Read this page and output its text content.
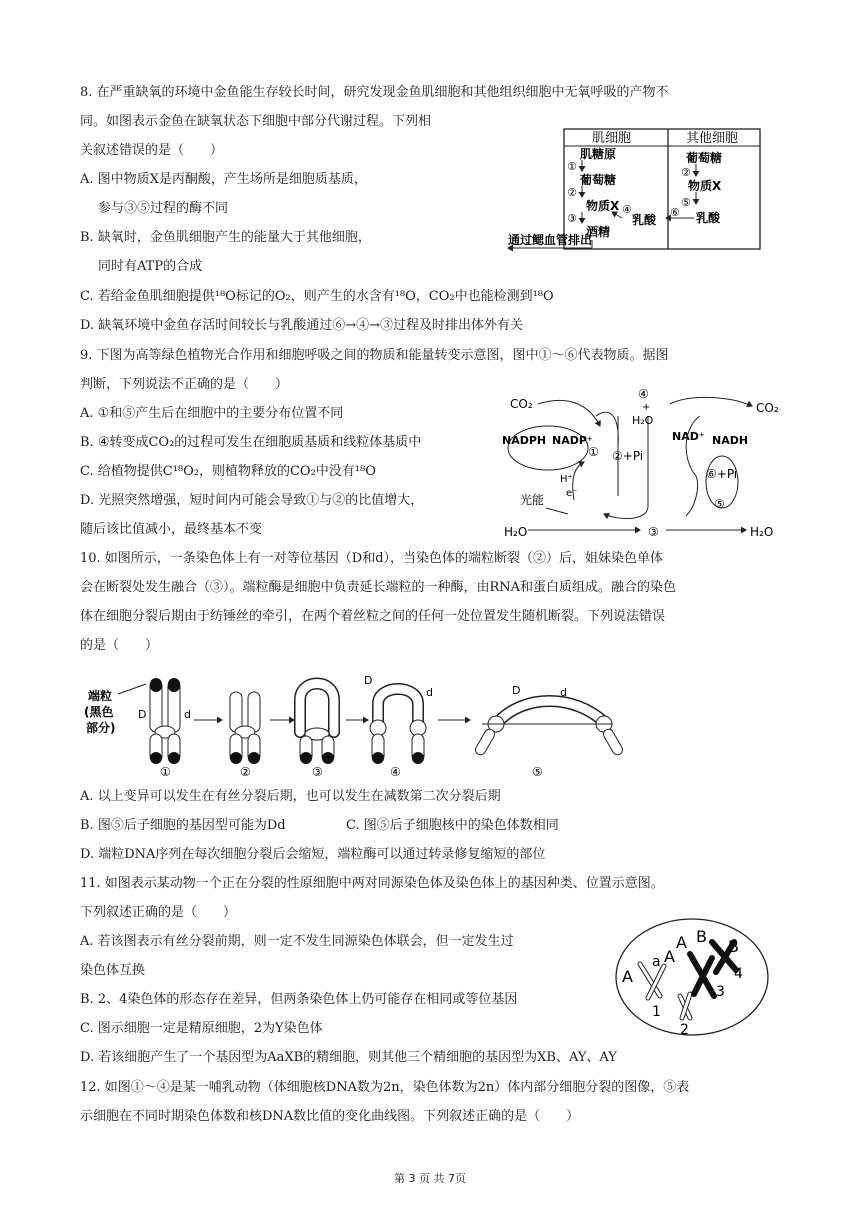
8. 在严重缺氧的环境中金鱼能生存较长时间，研究发现金鱼肌细胞和其他组织细胞中无氧呼吸的产物不
同。如图表示金鱼在缺氧状态下细胞中部分代谢过程。下列相
关叙述错误的是（　　）
A. 图中物质X是丙酮酸，产生场所是细胞质基质，
参与③⑤过程的酶不同
B. 缺氧时，金鱼肌细胞产生的能量大于其他细胞，
同时有ATP的合成
C. 若给金鱼肌细胞提供¹⁸O标记的O₂，则产生的水含有¹⁸O，CO₂中也能检测到¹⁸O
D. 缺氧环境中金鱼存活时间较长与乳酸通过⑥→④→③过程及时排出体外有关
肌细胞	其他细胞
肌糖原
①
葡萄糖
②
物质X
③
酒精
④
乳酸
葡萄糖
②
物质X
⑤
乳酸
⑥
通过鳃血管排出
9. 下图为高等绿色植物光合作用和细胞呼吸之间的物质和能量转变示意图，图中①～⑥代表物质。据图
判断，下列说法不正确的是（　　）
A. ①和⑤产生后在细胞中的主要分布位置不同
B. ④转变成CO₂的过程可发生在细胞质基质和线粒体基质中
C. 给植物提供C¹⁸O₂，则植物释放的CO₂中没有¹⁸O
D. 光照突然增强，短时间内可能会导致①与②的比值增大，
随后该比值减小，最终基本不变
CO₂
NADPH NADP⁺
④
+
H₂O
① ②+Pi
CO₂
NAD⁺ NADH
⑥+Pi
⑤
H⁺
e⁻
光能
H₂O	③	H₂O
10. 如图所示，一条染色体上有一对等位基因（D和d），当染色体的端粒断裂（②）后，姐妹染色单体
会在断裂处发生融合（③）。端粒酶是细胞中负责延长端粒的一种酶，由RNA和蛋白质组成。融合的染色
体在细胞分裂后期由于纺锤丝的牵引，在两个着丝粒之间的任何一处位置发生随机断裂。下列说法错误
的是（　　）
端粒
(黑色
部分)
D	d
①	②	③
D
d
④
D	d
⑤
A. 以上变异可以发生在有丝分裂后期，也可以发生在减数第二次分裂后期
B. 图⑤后子细胞的基因型可能为Dd	C. 图⑤后子细胞核中的染色体数相同
D. 端粒DNA序列在每次细胞分裂后会缩短，端粒酶可以通过转录修复缩短的部位
11. 如图表示某动物一个正在分裂的性原细胞中两对同源染色体及染色体上的基因种类、位置示意图。
下列叙述正确的是（　　）
A. 若该图表示有丝分裂前期，则一定不发生同源染色体联会，但一定发生过
染色体互换
B. 2、4染色体的形态存在差异，但两条染色体上仍可能存在相同或等位基因
C. 图示细胞一定是精原细胞，2为Y染色体
D. 若该细胞产生了一个基因型为AaXB的精细胞，则其他三个精细胞的基因型为XB、AY、AY
A
a
1
2
A
A
3
B
B
4
12. 如图①～④是某一哺乳动物（体细胞核DNA数为2n，染色体数为2n）体内部分细胞分裂的图像，⑤表
示细胞在不同时期染色体数和核DNA数比值的变化曲线图。下列叙述正确的是（　　）
第 3 页 共 7页
